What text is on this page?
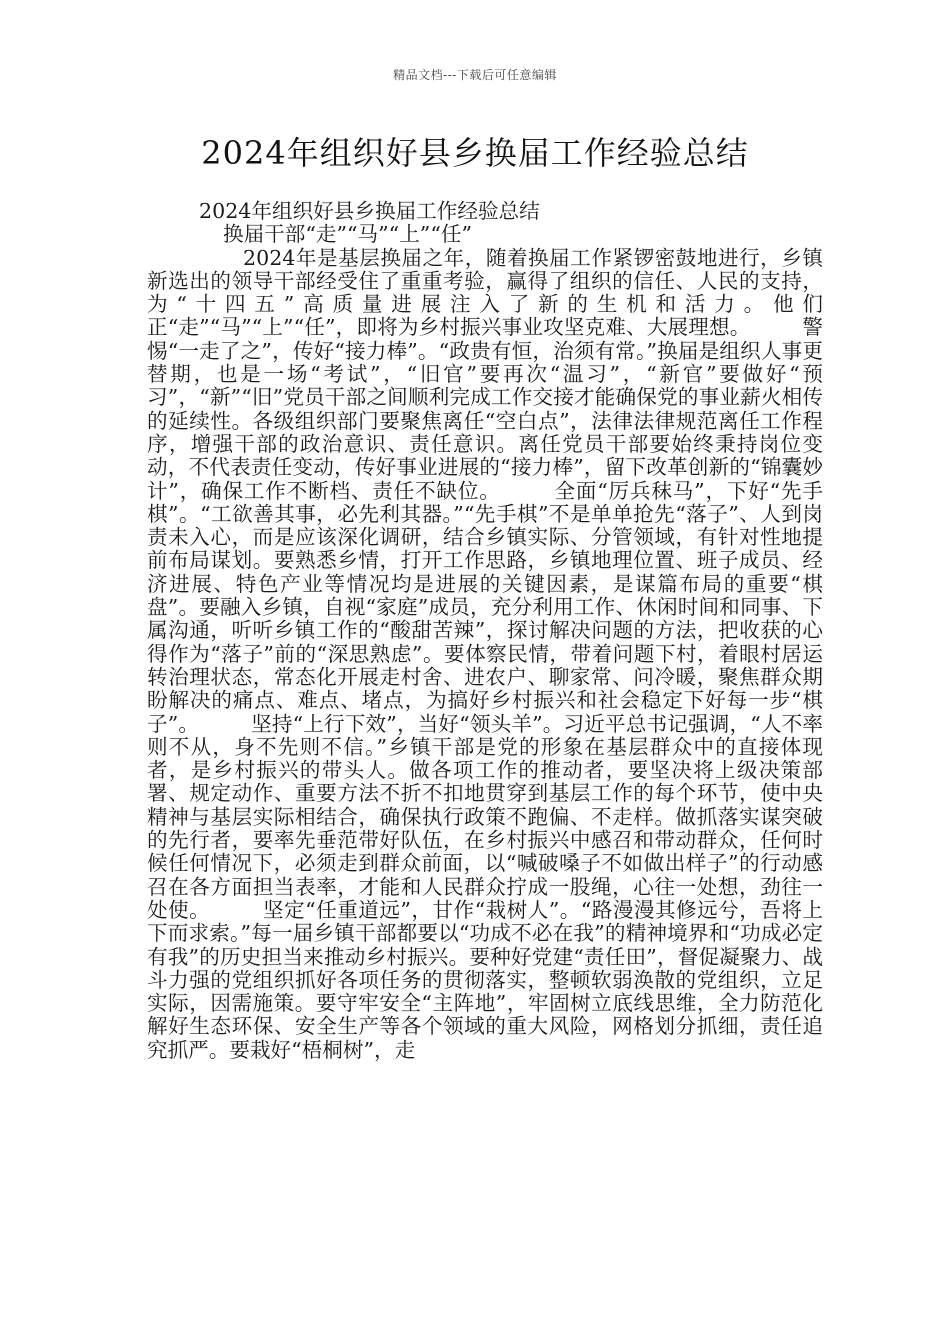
精品文档---下载后可任意编辑
2024年组织好县乡换届工作经验总结

2024年组织好县乡换届工作经验总结

换届干部“走”“马”“上”“任”

2024年是基层换届之年，随着换届工作紧锣密鼓地进行，乡镇新选出的领导干部经受住了重重考验，赢得了组织的信任、人民的支持，为“十四五”高质量进展注入了新的生机和活力。他们正“走”“马”“上”“任”，即将为乡村振兴事业攻坚克难、大展理想。　　　警惕“一走了之”，传好“接力棒”。“政贵有恒，治须有常。”换届是组织人事更替期，也是一场“考试”，“旧官”要再次“温习”，“新官”要做好“预习”，“新”“旧”党员干部之间顺利完成工作交接才能确保党的事业薪火相传的延续性。各级组织部门要聚焦离任“空白点”，法律法律规范离任工作程序，增强干部的政治意识、责任意识。离任党员干部要始终秉持岗位变动，不代表责任变动，传好事业进展的“接力棒”，留下改革创新的“锦囊妙计”，确保工作不断档、责任不缺位。　　　全面“厉兵秣马”，下好“先手棋”。“工欲善其事，必先利其器。”“先手棋”不是单单抢先“落子”、人到岗责未入心，而是应该深化调研，结合乡镇实际、分管领域，有针对性地提前布局谋划。要熟悉乡情，打开工作思路，乡镇地理位置、班子成员、经济进展、特色产业等情况均是进展的关键因素，是谋篇布局的重要“棋盘”。要融入乡镇，自视“家庭”成员，充分利用工作、休闲时间和同事、下属沟通，听听乡镇工作的“酸甜苦辣”，探讨解决问题的方法，把收获的心得作为“落子”前的“深思熟虑”。要体察民情，带着问题下村，着眼村居运转治理状态，常态化开展走村舍、进农户、聊家常、问冷暖，聚焦群众期盼解决的痛点、难点、堵点，为搞好乡村振兴和社会稳定下好每一步“棋子”。　　　坚持“上行下效”，当好“领头羊”。习近平总书记强调，“人不率则不从，身不先则不信。”乡镇干部是党的形象在基层群众中的直接体现者，是乡村振兴的带头人。做各项工作的推动者，要坚决将上级决策部署、规定动作、重要方法不折不扣地贯穿到基层工作的每个环节，使中央精神与基层实际相结合，确保执行政策不跑偏、不走样。做抓落实谋突破的先行者，要率先垂范带好队伍，在乡村振兴中感召和带动群众，任何时候任何情况下，必须走到群众前面，以“喊破嗓子不如做出样子”的行动感召在各方面担当表率，才能和人民群众拧成一股绳，心往一处想，劲往一处使。　　　坚定“任重道远”，甘作“栽树人”。“路漫漫其修远兮，吾将上下而求索。”每一届乡镇干部都要以“功成不必在我”的精神境界和“功成必定有我”的历史担当来推动乡村振兴。要种好党建“责任田”，督促凝聚力、战斗力强的党组织抓好各项任务的贯彻落实，整顿软弱涣散的党组织，立足实际，因需施策。要守牢安全“主阵地”，牢固树立底线思维，全力防范化解好生态环保、安全生产等各个领域的重大风险，网格划分抓细，责任追究抓严。要栽好“梧桐树”，走
